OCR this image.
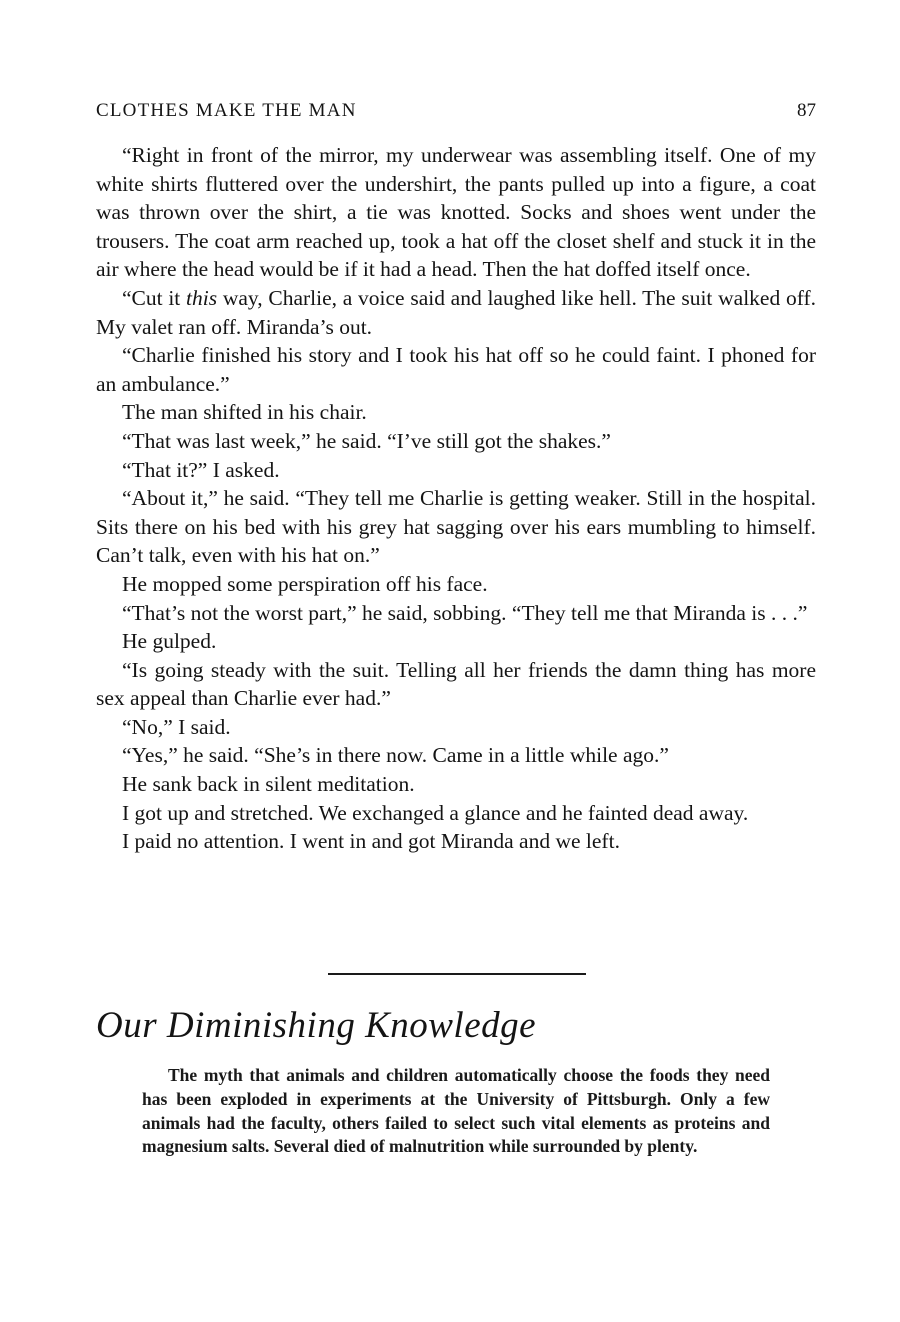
CLOTHES MAKE THE MAN	87

“Right in front of the mirror, my underwear was assembling itself. One of my white shirts fluttered over the undershirt, the pants pulled up into a figure, a coat was thrown over the shirt, a tie was knotted. Socks and shoes went under the trousers. The coat arm reached up, took a hat off the closet shelf and stuck it in the air where the head would be if it had a head. Then the hat doffed itself once.

“Cut it this way, Charlie, a voice said and laughed like hell. The suit walked off. My valet ran off. Miranda’s out.

“Charlie finished his story and I took his hat off so he could faint. I phoned for an ambulance.”

The man shifted in his chair.

“That was last week,” he said. “I’ve still got the shakes.”

“That it?” I asked.

“About it,” he said. “They tell me Charlie is getting weaker. Still in the hospital. Sits there on his bed with his grey hat sagging over his ears mumbling to himself. Can’t talk, even with his hat on.”

He mopped some perspiration off his face.

“That’s not the worst part,” he said, sobbing. “They tell me that Miranda is . . .”

He gulped.

“Is going steady with the suit. Telling all her friends the damn thing has more sex appeal than Charlie ever had.”

“No,” I said.

“Yes,” he said. “She’s in there now. Came in a little while ago.”

He sank back in silent meditation.

I got up and stretched. We exchanged a glance and he fainted dead away.

I paid no attention. I went in and got Miranda and we left.

Our Diminishing Knowledge

The myth that animals and children automatically choose the foods they need has been exploded in experiments at the University of Pittsburgh. Only a few animals had the faculty, others failed to select such vital elements as proteins and magnesium salts. Several died of malnutrition while surrounded by plenty.
